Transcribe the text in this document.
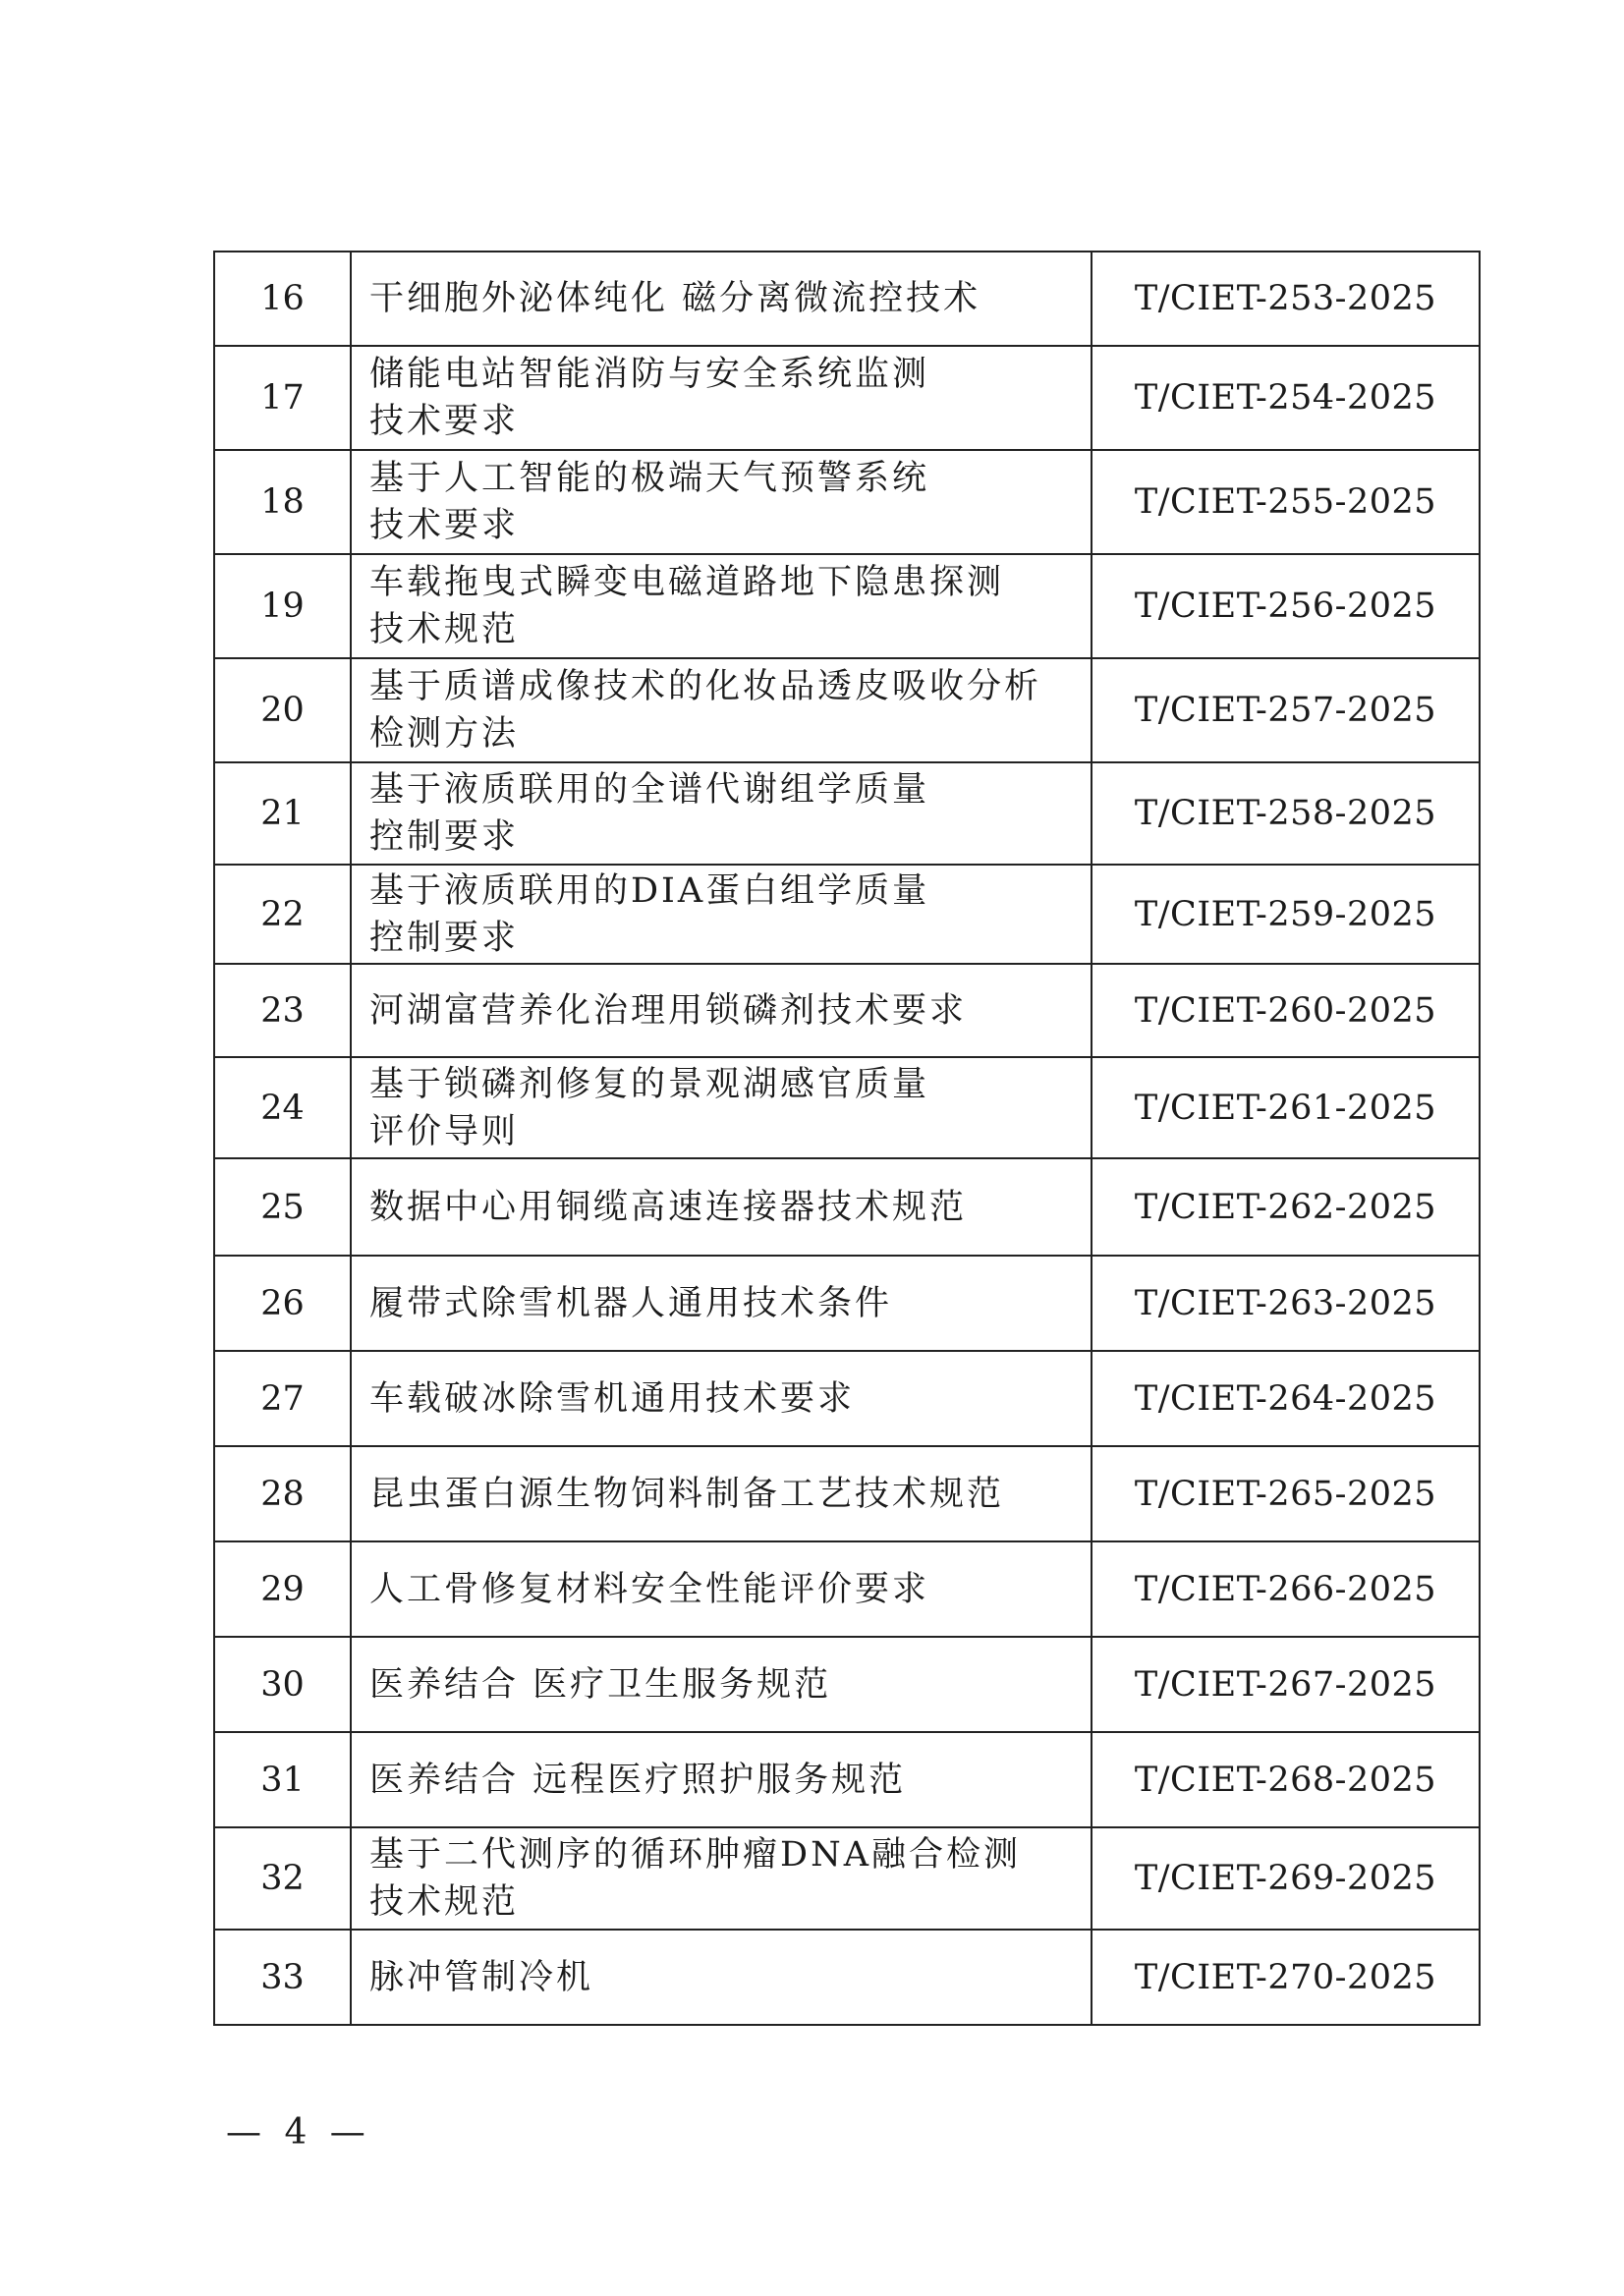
16	干细胞外泌体纯化 磁分离微流控技术	T/CIET-253-2025
17	储能电站智能消防与安全系统监测
技术要求	T/CIET-254-2025
18	基于人工智能的极端天气预警系统
技术要求	T/CIET-255-2025
19	车载拖曳式瞬变电磁道路地下隐患探测
技术规范	T/CIET-256-2025
20	基于质谱成像技术的化妆品透皮吸收分析
检测方法	T/CIET-257-2025
21	基于液质联用的全谱代谢组学质量
控制要求	T/CIET-258-2025
22	基于液质联用的DIA蛋白组学质量
控制要求	T/CIET-259-2025
23	河湖富营养化治理用锁磷剂技术要求	T/CIET-260-2025
24	基于锁磷剂修复的景观湖感官质量
评价导则	T/CIET-261-2025
25	数据中心用铜缆高速连接器技术规范	T/CIET-262-2025
26	履带式除雪机器人通用技术条件	T/CIET-263-2025
27	车载破冰除雪机通用技术要求	T/CIET-264-2025
28	昆虫蛋白源生物饲料制备工艺技术规范	T/CIET-265-2025
29	人工骨修复材料安全性能评价要求	T/CIET-266-2025
30	医养结合 医疗卫生服务规范	T/CIET-267-2025
31	医养结合 远程医疗照护服务规范	T/CIET-268-2025
32	基于二代测序的循环肿瘤DNA融合检测
技术规范	T/CIET-269-2025
33	脉冲管制冷机	T/CIET-270-2025
— 4 —
